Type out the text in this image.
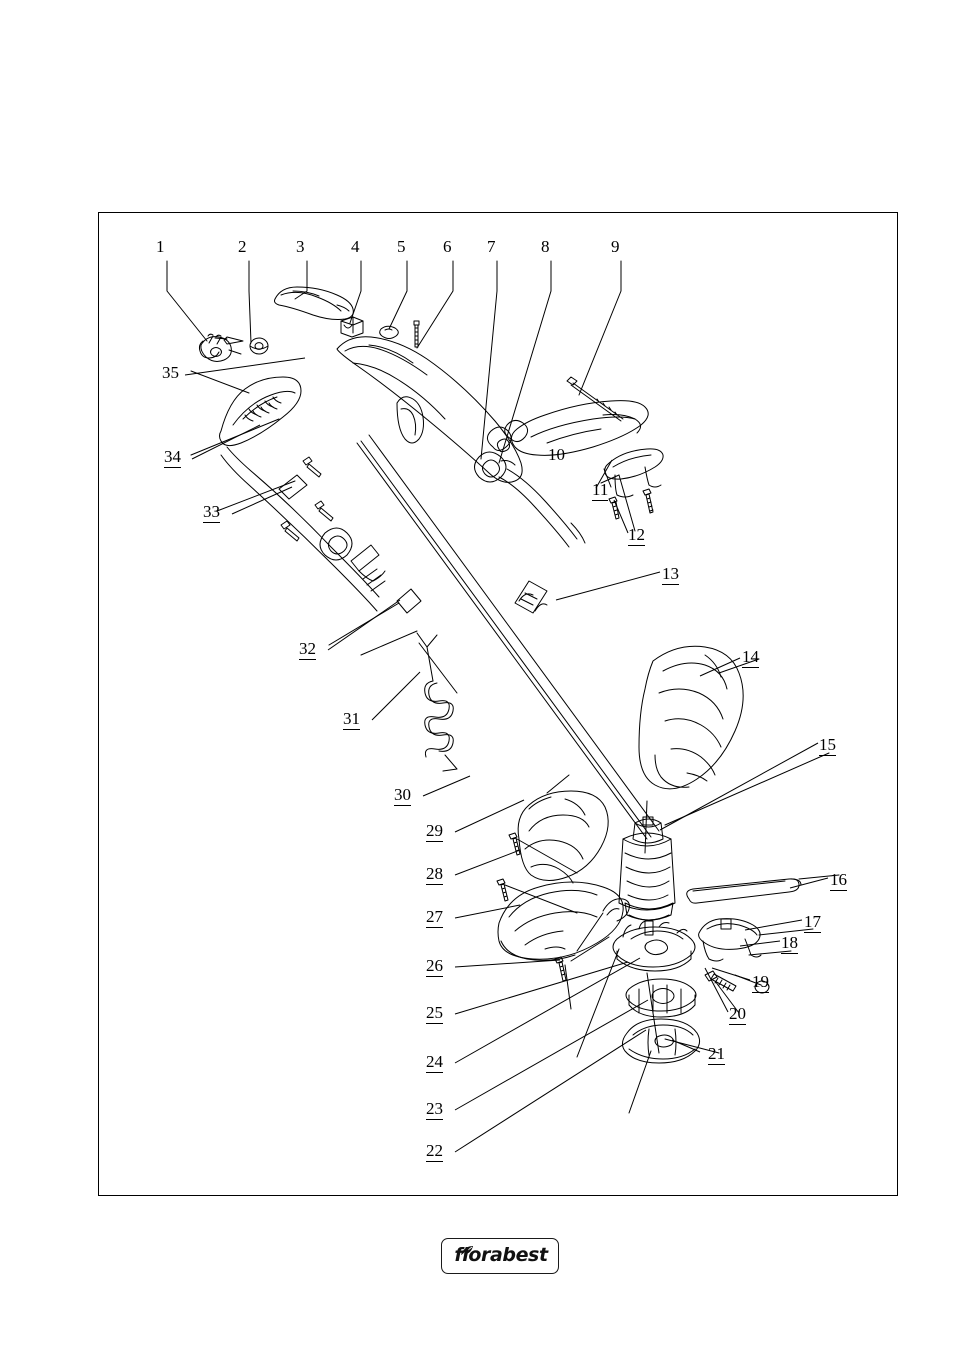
1	2	3	4 5 6 7	8	9
10
11
12
13
14
15
16
17
18
19
20
21
22
23
24
25
26
27
28
29
30
31
32
33
34
35
florabest
